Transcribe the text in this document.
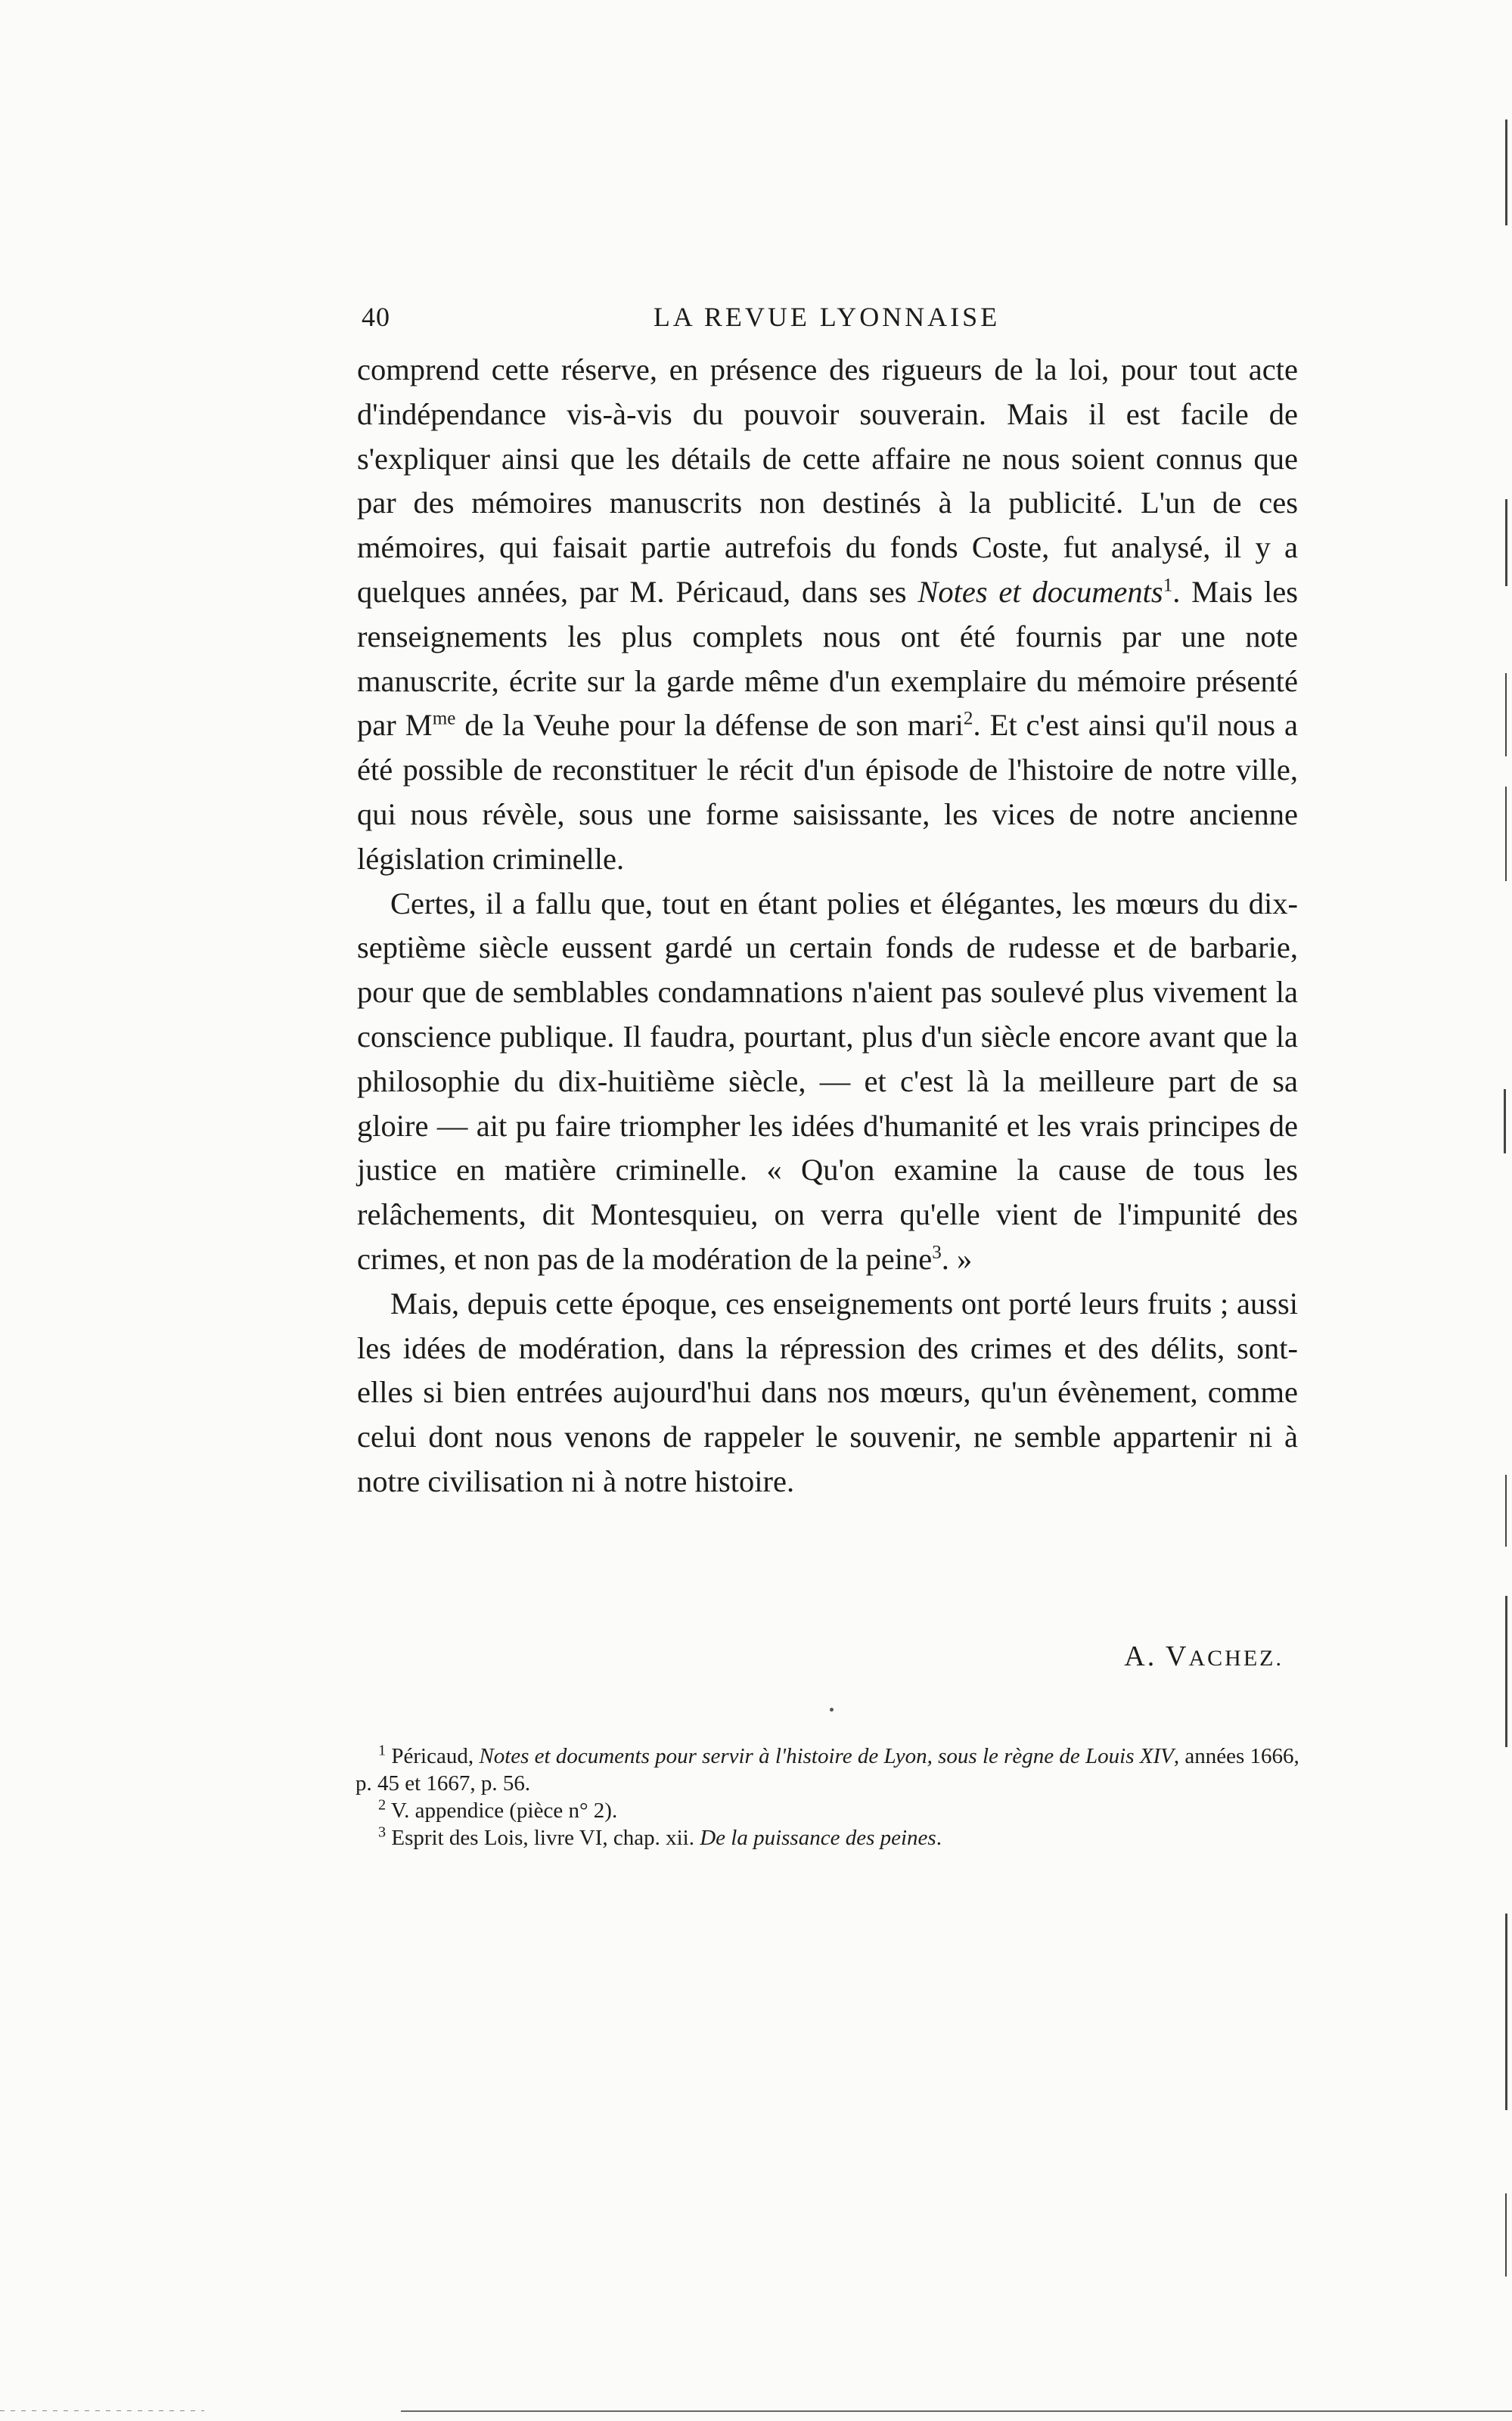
40	LA REVUE LYONNAISE

comprend cette réserve, en présence des rigueurs de la loi, pour tout acte d'indépendance vis-à-vis du pouvoir souverain. Mais il est facile de s'expliquer ainsi que les détails de cette affaire ne nous soient connus que par des mémoires manuscrits non destinés à la publicité. L'un de ces mémoires, qui faisait partie autrefois du fonds Coste, fut analysé, il y a quelques années, par M. Péricaud, dans ses Notes et documents$^1$. Mais les renseignements les plus complets nous ont été fournis par une note manuscrite, écrite sur la garde même d'un exemplaire du mémoire présenté par $M^{me}$ de la Veuhe pour la défense de son mari$^2$. Et c'est ainsi qu'il nous a été possible de reconstituer le récit d'un épisode de l'histoire de notre ville, qui nous révèle, sous une forme saisissante, les vices de notre ancienne législation criminelle.

Certes, il a fallu que, tout en étant polies et élégantes, les mœurs du dix-septième siècle eussent gardé un certain fonds de rudesse et de barbarie, pour que de semblables condamnations n'aient pas soulevé plus vivement la conscience publique. Il faudra, pourtant, plus d'un siècle encore avant que la philosophie du dix-huitième siècle, — et c'est là la meilleure part de sa gloire — ait pu faire triompher les idées d'humanité et les vrais principes de justice en matière criminelle. « Qu'on examine la cause de tous les relâchements, dit Montesquieu, on verra qu'elle vient de l'impunité des crimes, et non pas de la modération de la peine$^3$. »

Mais, depuis cette époque, ces enseignements ont porté leurs fruits ; aussi les idées de modération, dans la répression des crimes et des délits, sont-elles si bien entrées aujourd'hui dans nos mœurs, qu'un évènement, comme celui dont nous venons de rappeler le souvenir, ne semble appartenir ni à notre civilisation ni à notre histoire.

A. VACHEZ.

$^1$ Péricaud, Notes et documents pour servir à l'histoire de Lyon, sous le règne de Louis XIV, années 1666, p. 45 et 1667, p. 56.

$^2$ V. appendice (pièce n° 2).

$^3$ Esprit des Lois, livre VI, chap. xii. De la puissance des peines.
